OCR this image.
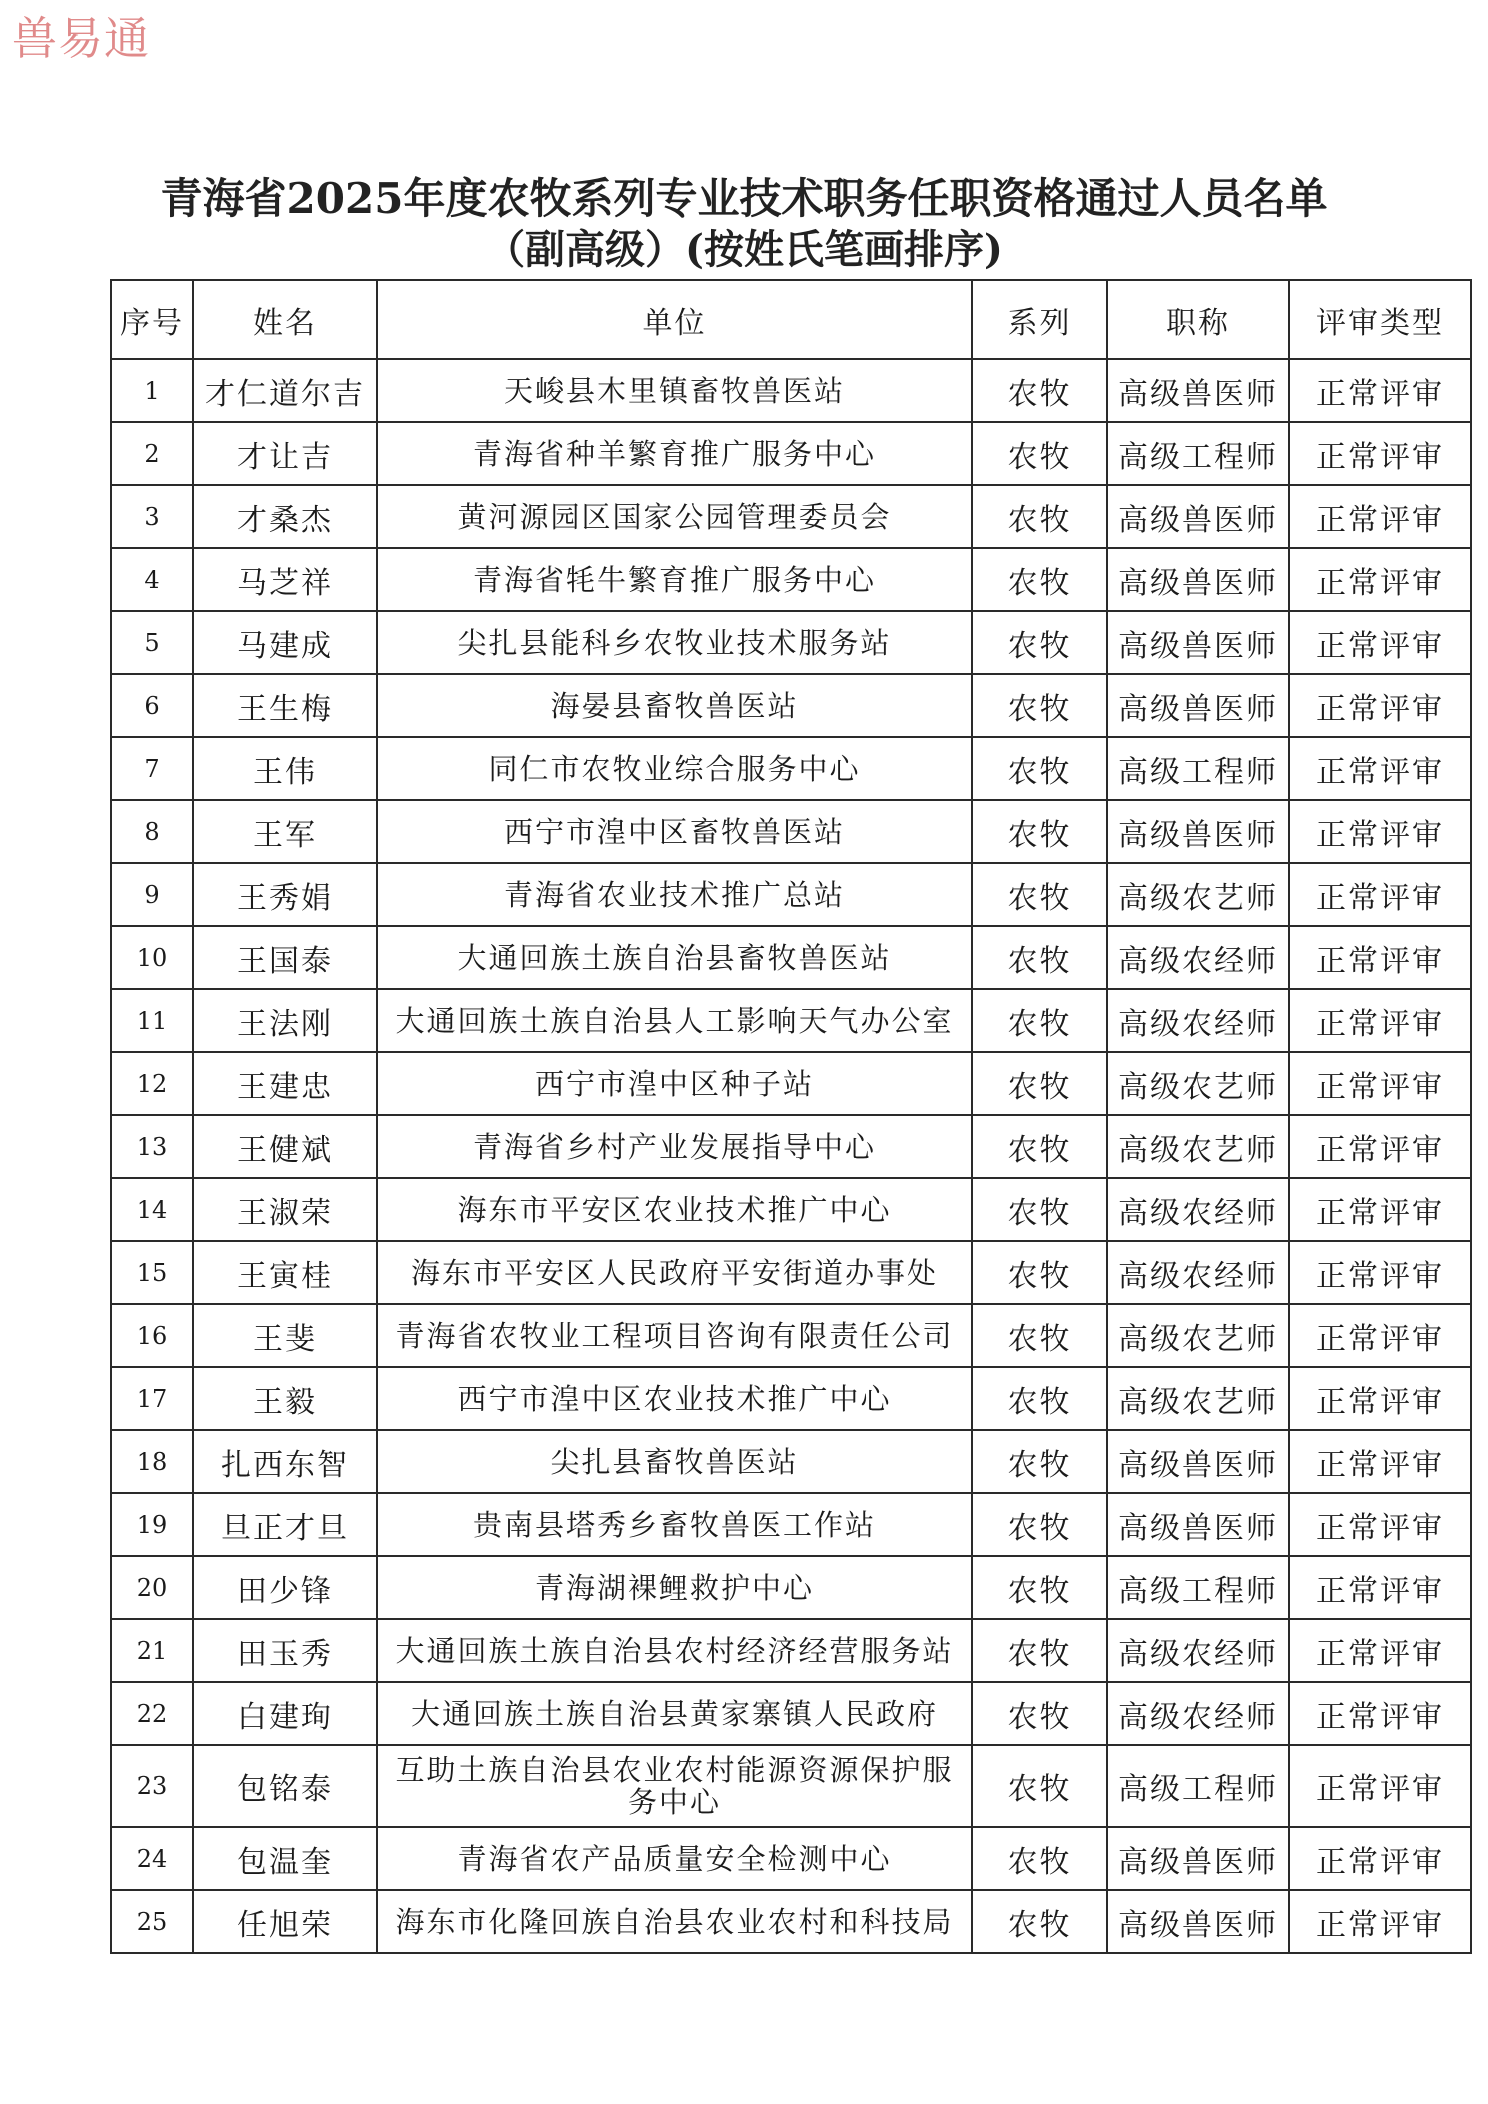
兽易通
青海省2025年度农牧系列专业技术职务任职资格通过人员名单
（副高级）(按姓氏笔画排序)
序号	姓名	单位	系列	职称	评审类型
1	才仁道尔吉	天峻县木里镇畜牧兽医站	农牧	高级兽医师	正常评审
2	才让吉	青海省种羊繁育推广服务中心	农牧	高级工程师	正常评审
3	才桑杰	黄河源园区国家公园管理委员会	农牧	高级兽医师	正常评审
4	马芝祥	青海省牦牛繁育推广服务中心	农牧	高级兽医师	正常评审
5	马建成	尖扎县能科乡农牧业技术服务站	农牧	高级兽医师	正常评审
6	王生梅	海晏县畜牧兽医站	农牧	高级兽医师	正常评审
7	王伟	同仁市农牧业综合服务中心	农牧	高级工程师	正常评审
8	王军	西宁市湟中区畜牧兽医站	农牧	高级兽医师	正常评审
9	王秀娟	青海省农业技术推广总站	农牧	高级农艺师	正常评审
10	王国泰	大通回族土族自治县畜牧兽医站	农牧	高级农经师	正常评审
11	王法刚	大通回族土族自治县人工影响天气办公室	农牧	高级农经师	正常评审
12	王建忠	西宁市湟中区种子站	农牧	高级农艺师	正常评审
13	王健斌	青海省乡村产业发展指导中心	农牧	高级农艺师	正常评审
14	王淑荣	海东市平安区农业技术推广中心	农牧	高级农经师	正常评审
15	王寅桂	海东市平安区人民政府平安街道办事处	农牧	高级农经师	正常评审
16	王斐	青海省农牧业工程项目咨询有限责任公司	农牧	高级农艺师	正常评审
17	王毅	西宁市湟中区农业技术推广中心	农牧	高级农艺师	正常评审
18	扎西东智	尖扎县畜牧兽医站	农牧	高级兽医师	正常评审
19	旦正才旦	贵南县塔秀乡畜牧兽医工作站	农牧	高级兽医师	正常评审
20	田少锋	青海湖裸鲤救护中心	农牧	高级工程师	正常评审
21	田玉秀	大通回族土族自治县农村经济经营服务站	农牧	高级农经师	正常评审
22	白建珣	大通回族土族自治县黄家寨镇人民政府	农牧	高级农经师	正常评审
23	包铭泰	互助土族自治县农业农村能源资源保护服务中心	农牧	高级工程师	正常评审
24	包温奎	青海省农产品质量安全检测中心	农牧	高级兽医师	正常评审
25	任旭荣	海东市化隆回族自治县农业农村和科技局	农牧	高级兽医师	正常评审
